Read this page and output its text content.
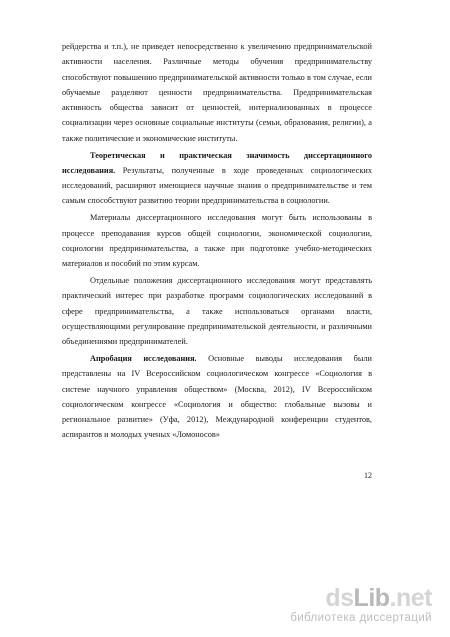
рейдерства и т.п.), не приведет непосредственно к увеличению предпринимательской активности населения. Различные методы обучения предпринимательству способствуют повышению предпринимательской активности только в том случае, если обучаемые разделяют ценности предпринимательства. Предпринимательская активность общества зависит от ценностей, интернализованных в процессе социализации через основные социальные институты (семьи, образования, религии), а также политические и экономические институты.

Теоретическая и практическая значимость диссертационного исследования. Результаты, полученные в ходе проведенных социологических исследований, расширяют имеющиеся научные знания о предпринимательстве и тем самым способствуют развитию теории предпринимательства в социологии.

Материалы диссертационного исследования могут быть использованы в процессе преподавания курсов общей социологии, экономической социологии, социологии предпринимательства, а также при подготовке учебно-методических материалов и пособий по этим курсам.

Отдельные положения диссертационного исследования могут представлять практический интерес при разработке программ социологических исследований в сфере предпринимательства, а также использоваться органами власти, осуществляющими регулирование предпринимательской деятельности, и различными объединениями предпринимателей.

Апробация исследования. Основные выводы исследования были представлены на IV Всероссийском социологическом конгрессе «Социология в системе научного управления обществом» (Москва, 2012), IV Всероссийском социологическом конгрессе «Социология и общество: глобальные вызовы и региональное развитие» (Уфа, 2012), Международной конференции студентов, аспирантов и молодых ученых «Ломоносов»

12
dsLib.net
библиотека диссертаций
